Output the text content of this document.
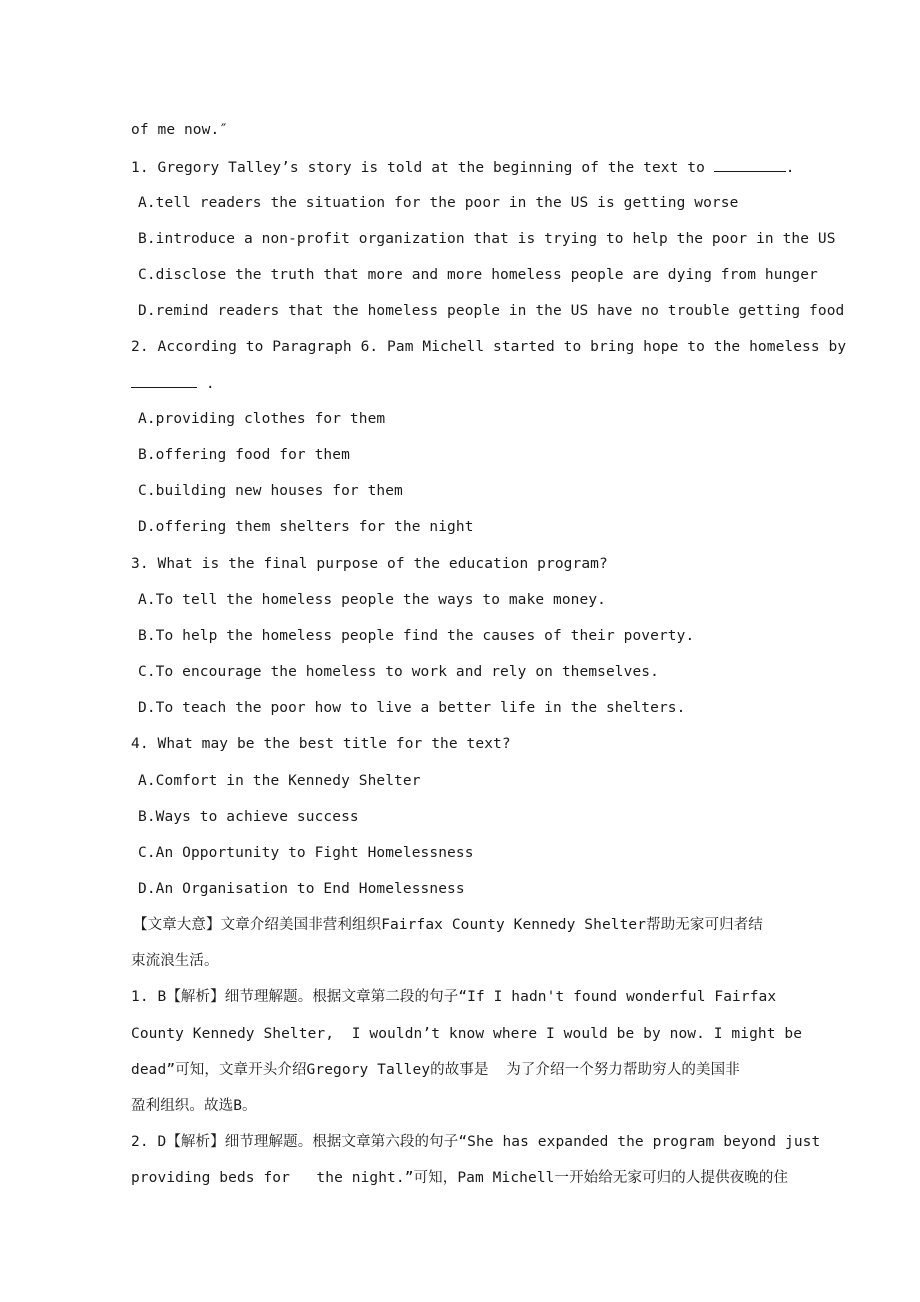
of me now.″
1. Gregory Talley’s story is told at the beginning of the text to	.
A.tell readers the situation for the poor in the US is getting worse
B.introduce a non-profit organization that is trying to help the poor in the US
C.disclose the truth that more and more homeless people are dying from hunger
D.remind readers that the homeless people in the US have no trouble getting food
2. According to Paragraph 6. Pam Michell started to bring hope to the homeless by
.
A.providing clothes for them
B.offering food for them
C.building new houses for them
D.offering them shelters for the night
3. What is the final purpose of the education program?
A.To tell the homeless people the ways to make money.
B.To help the homeless people find the causes of their poverty.
C.To encourage the homeless to work and rely on themselves.
D.To teach the poor how to live a better life in the shelters.
4. What may be the best title for the text?
A.Comfort in the Kennedy Shelter
B.Ways to achieve success
C.An Opportunity to Fight Homelessness
D.An Organisation to End Homelessness
【文章大意】文章介绍美国非营利组织Fairfax County Kennedy Shelter帮助无家可归者结
束流浪生活。
1. B【解析】细节理解题。根据文章第二段的句子“If I hadn't found wonderful Fairfax
County Kennedy Shelter,  I wouldn’t know where I would be by now. I might be
dead”可知，文章开头介绍Gregory Talley的故事是  为了介绍一个努力帮助穷人的美国非
盈利组织。故选B。
2. D【解析】细节理解题。根据文章第六段的句子“She has expanded the program beyond just
providing beds for   the night.”可知，Pam Michell一开始给无家可归的人提供夜晚的住
